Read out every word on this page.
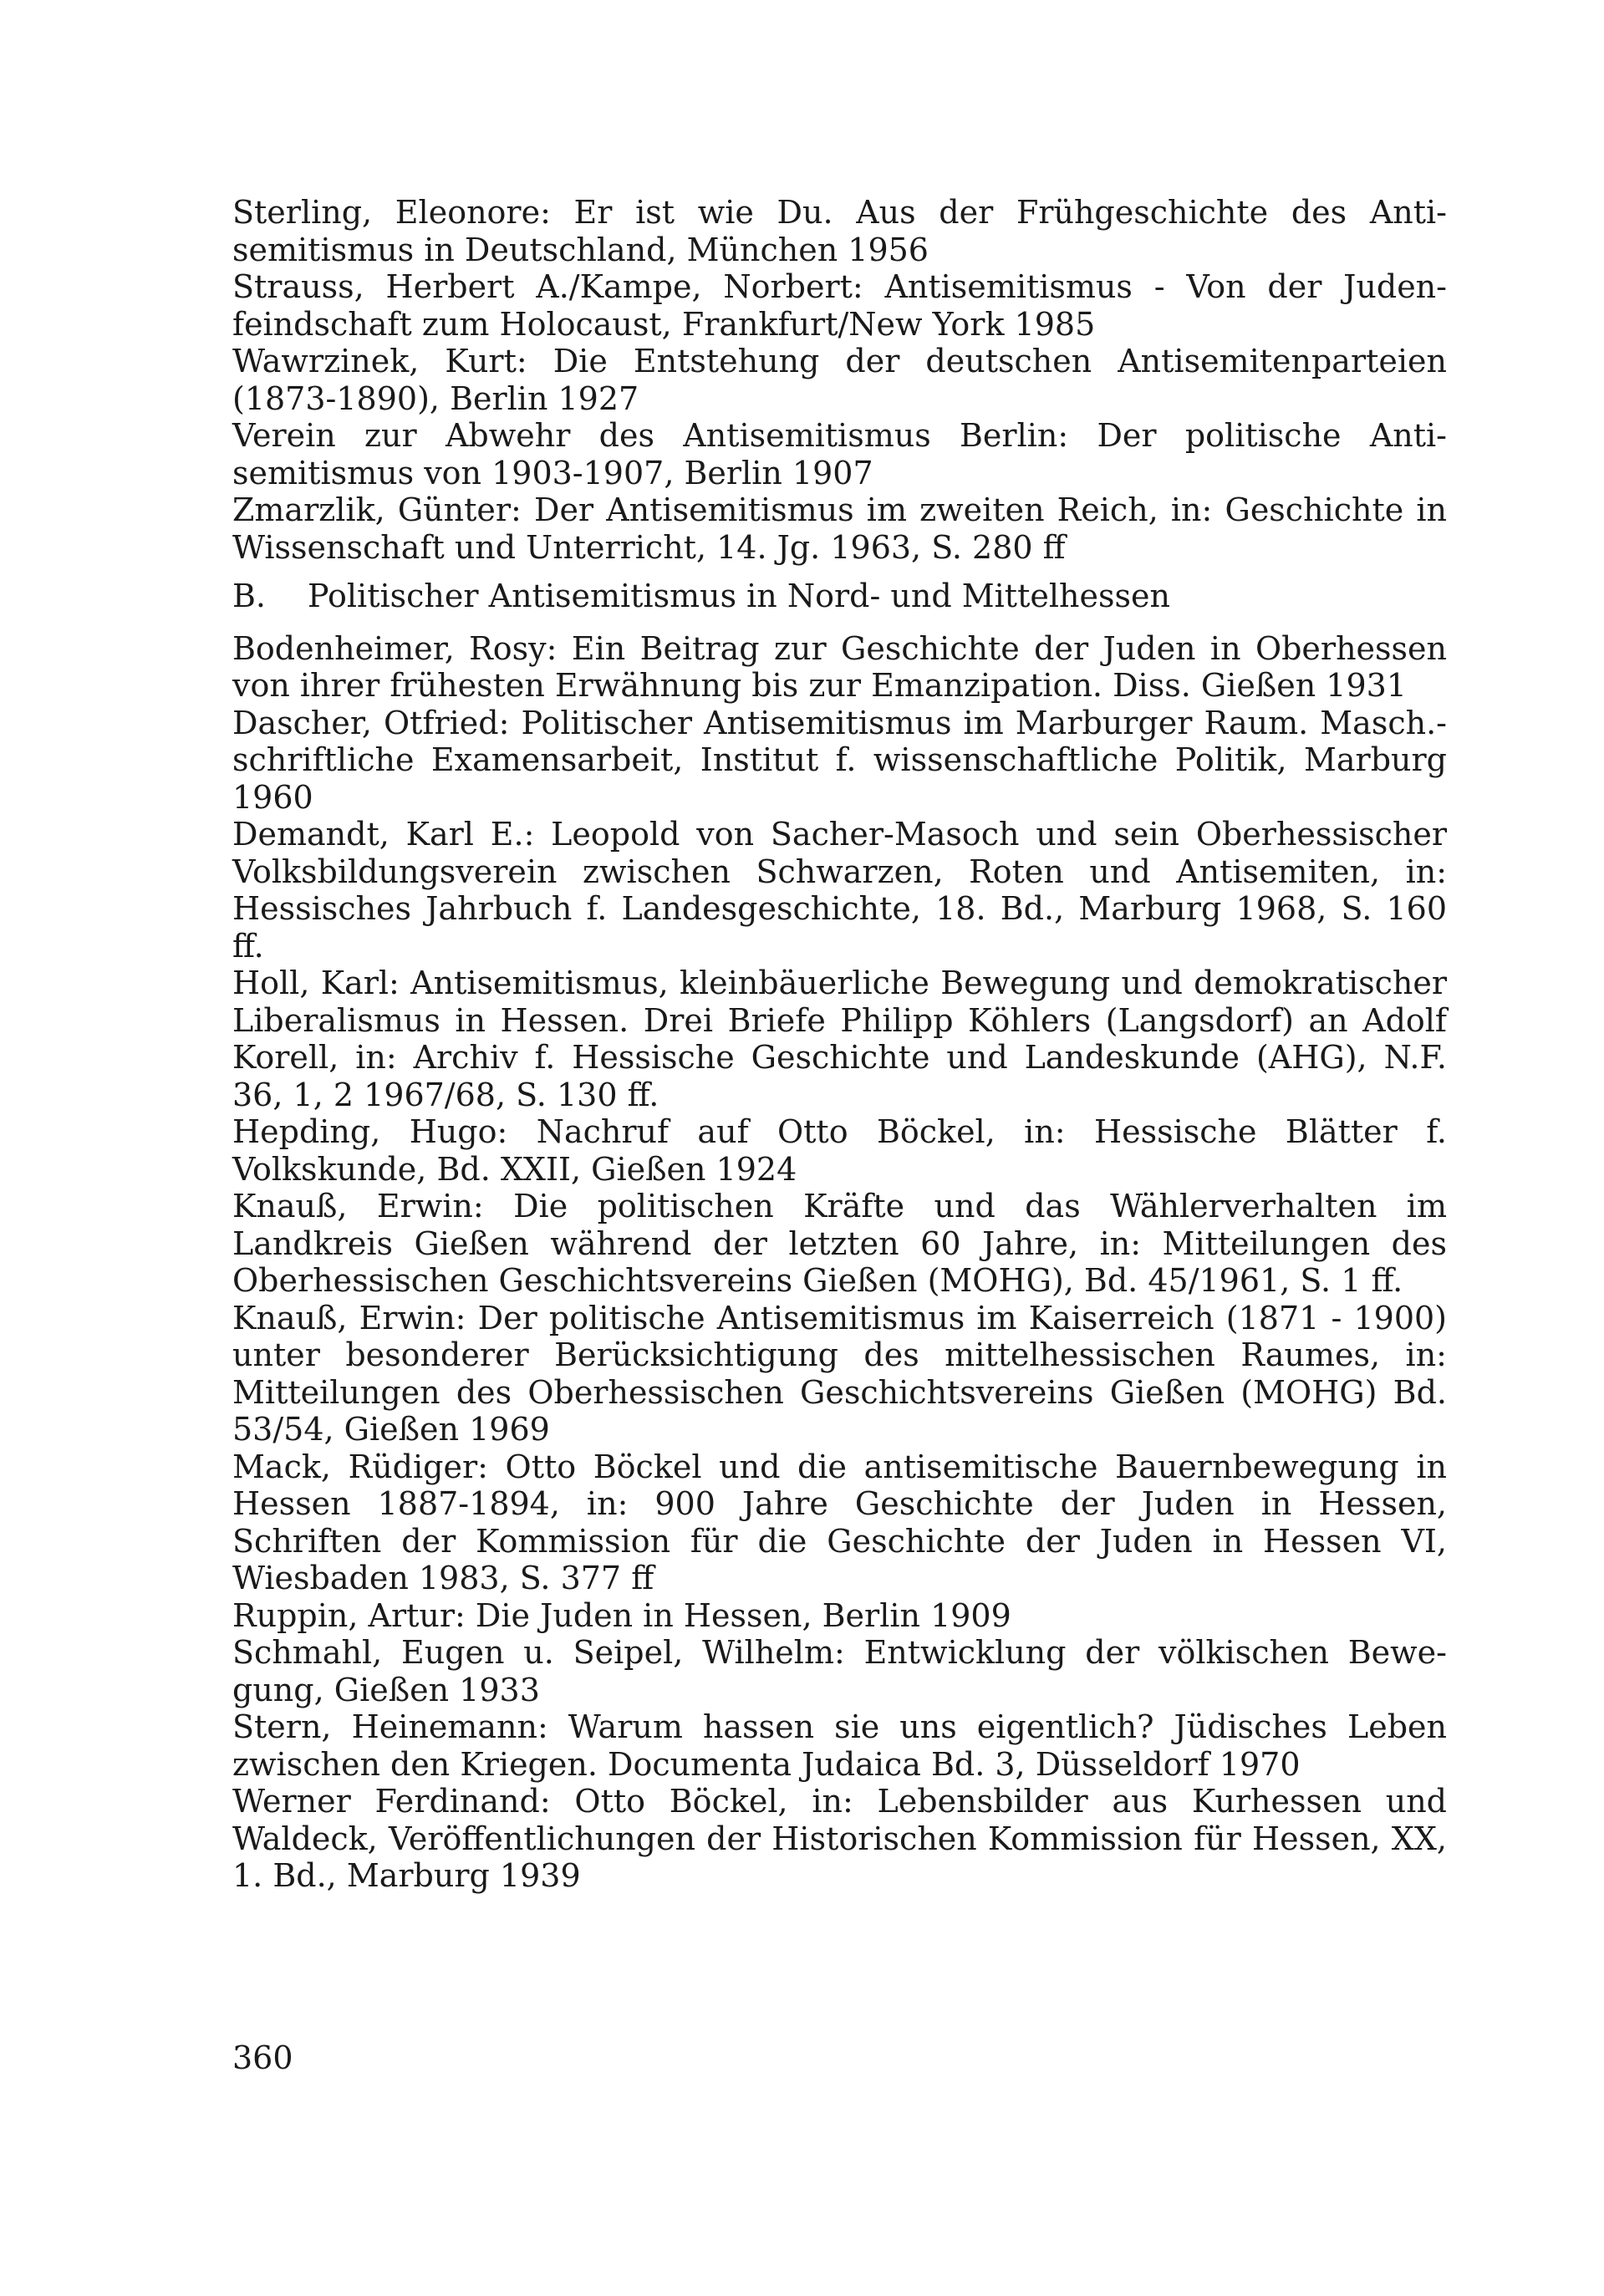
Sterling, Eleonore: Er ist wie Du. Aus der Frühgeschichte des Antisemitismus in Deutschland, München 1956

Strauss, Herbert A./Kampe, Norbert: Antisemitismus - Von der Judenfeindschaft zum Holocaust, Frankfurt/New York 1985

Wawrzinek, Kurt: Die Entstehung der deutschen Antisemitenparteien (1873-1890), Berlin 1927

Verein zur Abwehr des Antisemitismus Berlin: Der politische Antisemitismus von 1903-1907, Berlin 1907

Zmarzlik, Günter: Der Antisemitismus im zweiten Reich, in: Geschichte in Wissenschaft und Unterricht, 14. Jg. 1963, S. 280 ff

B.	Politischer Antisemitismus in Nord- und Mittelhessen

Bodenheimer, Rosy: Ein Beitrag zur Geschichte der Juden in Oberhessen von ihrer frühesten Erwähnung bis zur Emanzipation. Diss. Gießen 1931

Dascher, Otfried: Politischer Antisemitismus im Marburger Raum. Masch.-schriftliche Examensarbeit, Institut f. wissenschaftliche Politik, Marburg 1960

Demandt, Karl E.: Leopold von Sacher-Masoch und sein Oberhessischer Volksbildungsverein zwischen Schwarzen, Roten und Antisemiten, in: Hessisches Jahrbuch f. Landesgeschichte, 18. Bd., Marburg 1968, S. 160 ff.

Holl, Karl: Antisemitismus, kleinbäuerliche Bewegung und demokratischer Liberalismus in Hessen. Drei Briefe Philipp Köhlers (Langsdorf) an Adolf Korell, in: Archiv f. Hessische Geschichte und Landeskunde (AHG), N.F. 36, 1, 2 1967/68, S. 130 ff.

Hepding, Hugo: Nachruf auf Otto Böckel, in: Hessische Blätter f. Volkskunde, Bd. XXII, Gießen 1924

Knauß, Erwin: Die politischen Kräfte und das Wählerverhalten im Landkreis Gießen während der letzten 60 Jahre, in: Mitteilungen des Oberhessischen Geschichtsvereins Gießen (MOHG), Bd. 45/1961, S. 1 ff.

Knauß, Erwin: Der politische Antisemitismus im Kaiserreich (1871 - 1900) unter besonderer Berücksichtigung des mittelhessischen Raumes, in: Mitteilungen des Oberhessischen Geschichtsvereins Gießen (MOHG) Bd. 53/54, Gießen 1969

Mack, Rüdiger: Otto Böckel und die antisemitische Bauernbewegung in Hessen 1887-1894, in: 900 Jahre Geschichte der Juden in Hessen, Schriften der Kommission für die Geschichte der Juden in Hessen VI, Wiesbaden 1983, S. 377 ff

Ruppin, Artur: Die Juden in Hessen, Berlin 1909

Schmahl, Eugen u. Seipel, Wilhelm: Entwicklung der völkischen Bewegung, Gießen 1933

Stern, Heinemann: Warum hassen sie uns eigentlich? Jüdisches Leben zwischen den Kriegen. Documenta Judaica Bd. 3, Düsseldorf 1970

Werner Ferdinand: Otto Böckel, in: Lebensbilder aus Kurhessen und Waldeck, Veröffentlichungen der Historischen Kommission für Hessen, XX, 1. Bd., Marburg 1939

360
